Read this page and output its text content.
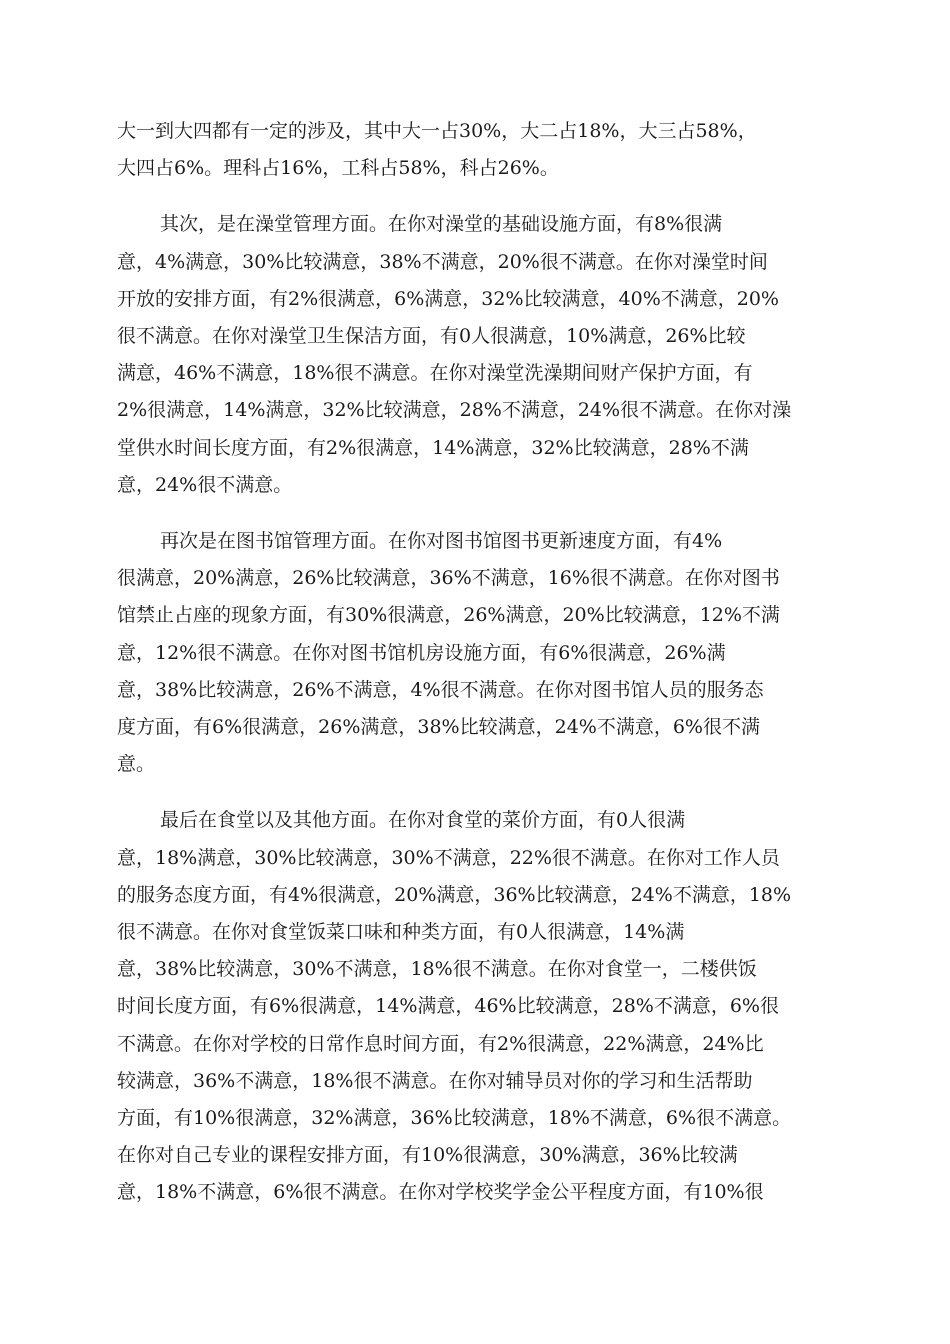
大一到大四都有一定的涉及，其中大一占30%，大二占18%，大三占58%，
大四占6%。理科占16%，工科占58%，科占26%。

其次，是在澡堂管理方面。在你对澡堂的基础设施方面，有8%很满
意，4%满意，30%比较满意，38%不满意，20%很不满意。在你对澡堂时间
开放的安排方面，有2%很满意，6%满意，32%比较满意，40%不满意，20%
很不满意。在你对澡堂卫生保洁方面，有0人很满意，10%满意，26%比较
满意，46%不满意，18%很不满意。在你对澡堂洗澡期间财产保护方面，有
2%很满意，14%满意，32%比较满意，28%不满意，24%很不满意。在你对澡
堂供水时间长度方面，有2%很满意，14%满意，32%比较满意，28%不满
意，24%很不满意。

再次是在图书馆管理方面。在你对图书馆图书更新速度方面，有4%
很满意，20%满意，26%比较满意，36%不满意，16%很不满意。在你对图书
馆禁止占座的现象方面，有30%很满意，26%满意，20%比较满意，12%不满
意，12%很不满意。在你对图书馆机房设施方面，有6%很满意，26%满
意，38%比较满意，26%不满意，4%很不满意。在你对图书馆人员的服务态
度方面，有6%很满意，26%满意，38%比较满意，24%不满意，6%很不满
意。

最后在食堂以及其他方面。在你对食堂的菜价方面，有0人很满
意，18%满意，30%比较满意，30%不满意，22%很不满意。在你对工作人员
的服务态度方面，有4%很满意，20%满意，36%比较满意，24%不满意，18%
很不满意。在你对食堂饭菜口味和种类方面，有0人很满意，14%满
意，38%比较满意，30%不满意，18%很不满意。在你对食堂一，二楼供饭
时间长度方面，有6%很满意，14%满意，46%比较满意，28%不满意，6%很
不满意。在你对学校的日常作息时间方面，有2%很满意，22%满意，24%比
较满意，36%不满意，18%很不满意。在你对辅导员对你的学习和生活帮助
方面，有10%很满意，32%满意，36%比较满意，18%不满意，6%很不满意。
在你对自己专业的课程安排方面，有10%很满意，30%满意，36%比较满
意，18%不满意，6%很不满意。在你对学校奖学金公平程度方面，有10%很
